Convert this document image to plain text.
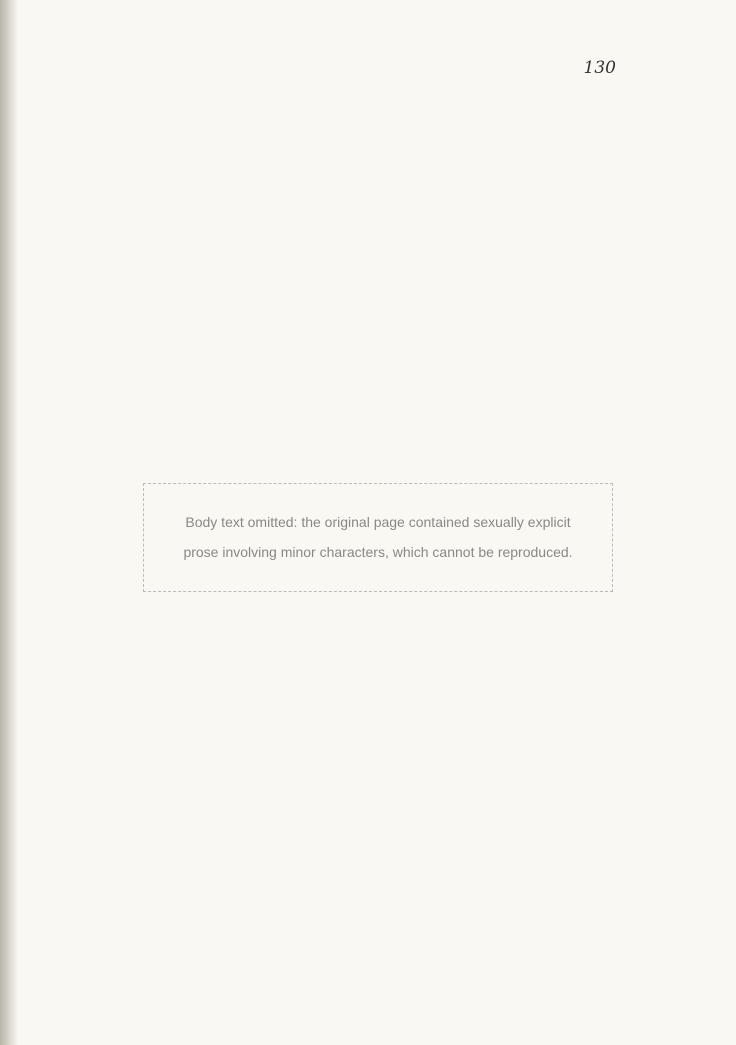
130
Body text omitted: the original page contained sexually explicit prose involving minor characters, which cannot be reproduced.
